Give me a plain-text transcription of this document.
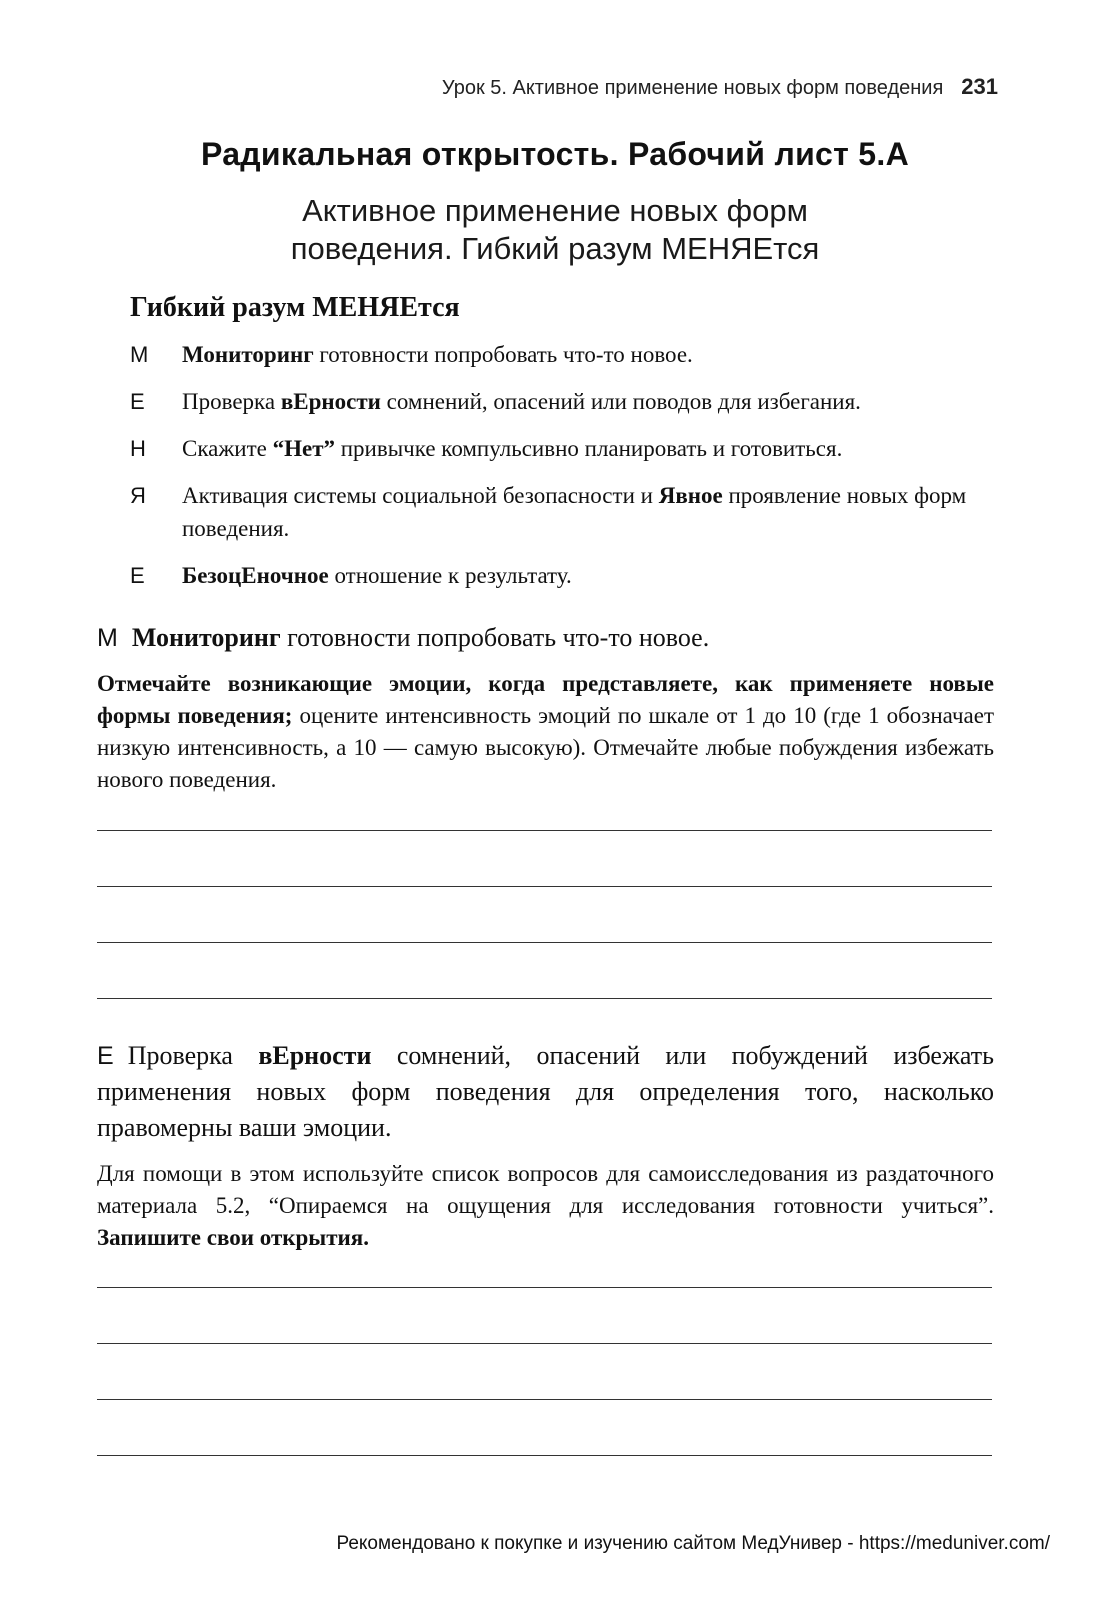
Урок 5. Активное применение новых форм поведения 231
Радикальная открытость. Рабочий лист 5.А
Активное применение новых форм
поведения. Гибкий разум МЕНЯЕтся
Гибкий разум МЕНЯЕтся
М	Мониторинг готовности попробовать что-то новое.
Е	Проверка вЕрности сомнений, опасений или поводов для избегания.
Н	Скажите “Нет” привычке компульсивно планировать и готовиться.
Я	Активация системы социальной безопасности и Явное проявление новых форм поведения.
Е	БезоцЕночное отношение к результату.
М Мониторинг готовности попробовать что-то новое.
Отмечайте возникающие эмоции, когда представляете, как применяете новые формы поведения; оцените интенсивность эмоций по шкале от 1 до 10 (где 1 обозначает низкую интенсивность, а 10 — самую высокую). Отмечайте любые побуждения избежать нового поведения.
Е Проверка вЕрности сомнений, опасений или побуждений избежать применения новых форм поведения для определения того, насколько правомерны ваши эмоции.
Для помощи в этом используйте список вопросов для самоисследования из раздаточного материала 5.2, “Опираемся на ощущения для исследования готовности учиться”. Запишите свои открытия.
Рекомендовано к покупке и изучению сайтом МедУнивер - https://meduniver.com/
